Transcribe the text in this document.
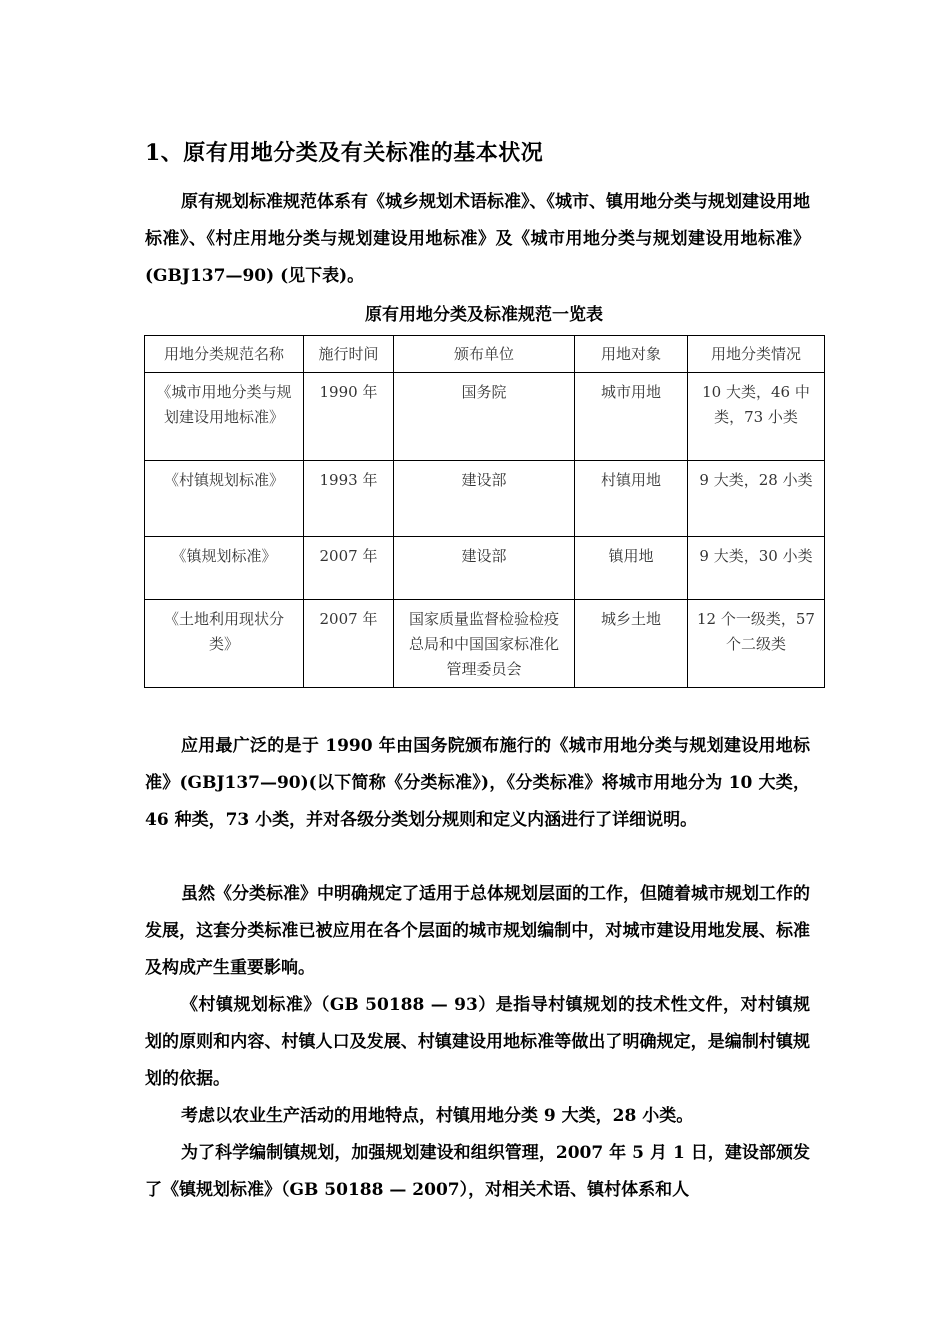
1、原有用地分类及有关标准的基本状况

原有规划标准规范体系有《城乡规划术语标准》、《城市、镇用地分类与规划建设用地标准》、《村庄用地分类与规划建设用地标准》及《城市用地分类与规划建设用地标准》(GBJ137—90) (见下表)。

原有用地分类及标准规范一览表
用地分类规范名称	施行时间	颁布单位	用地对象	用地分类情况
《城市用地分类与规划建设用地标准》	1990 年	国务院	城市用地	10 大类，46 中类，73 小类
《村镇规划标准》	1993 年	建设部	村镇用地	9 大类，28 小类
《镇规划标准》	2007 年	建设部	镇用地	9 大类，30 小类
《土地利用现状分类》	2007 年	国家质量监督检验检疫总局和中国国家标准化管理委员会	城乡土地	12 个一级类，57 个二级类

应用最广泛的是于 1990 年由国务院颁布施行的《城市用地分类与规划建设用地标准》(GBJ137—90)(以下简称《分类标准》)，《分类标准》将城市用地分为 10 大类，46 种类，73 小类，并对各级分类划分规则和定义内涵进行了详细说明。

虽然《分类标准》中明确规定了适用于总体规划层面的工作，但随着城市规划工作的发展，这套分类标准已被应用在各个层面的城市规划编制中，对城市建设用地发展、标准及构成产生重要影响。

《村镇规划标准》（GB 50188 — 93）是指导村镇规划的技术性文件，对村镇规划的原则和内容、村镇人口及发展、村镇建设用地标准等做出了明确规定，是编制村镇规划的依据。

考虑以农业生产活动的用地特点，村镇用地分类 9 大类，28 小类。

为了科学编制镇规划，加强规划建设和组织管理，2007 年 5 月 1 日，建设部颁发了《镇规划标准》（GB 50188 — 2007），对相关术语、镇村体系和人
